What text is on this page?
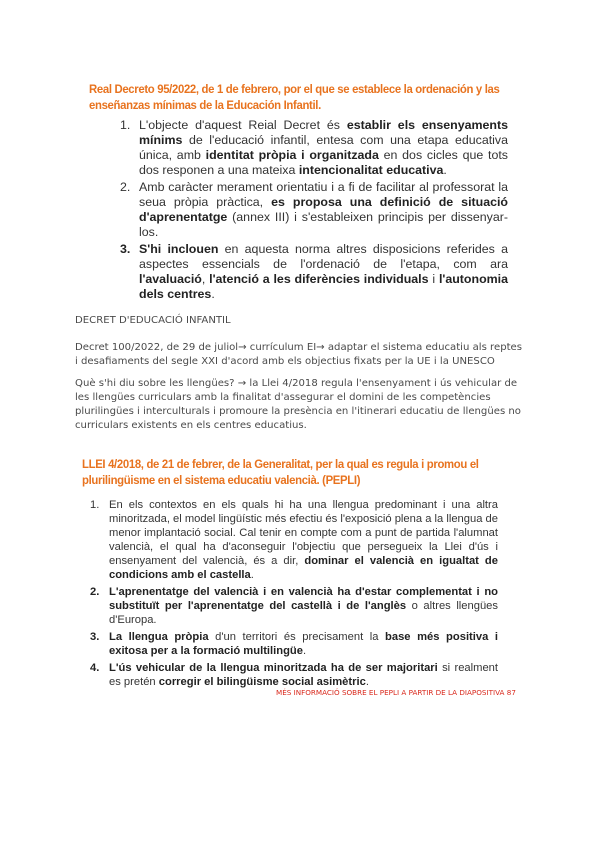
Real Decreto 95/2022, de 1 de febrero, por el que se establece la ordenación y las
enseñanzas mínimas de la Educación Infantil.
1. L'objecte d'aquest Reial Decret és establir els ensenyaments mínims de l'educació infantil, entesa com una etapa educativa única, amb identitat pròpia i organitzada en dos cicles que tots dos responen a una mateixa intencionalitat educativa.
2. Amb caràcter merament orientatiu i a fi de facilitar al professorat la seua pròpia pràctica, es proposa una definició de situació d'aprenentatge (annex III) i s'estableixen principis per dissenyar-los.
3. S'hi inclouen en aquesta norma altres disposicions referides a aspectes essencials de l'ordenació de l'etapa, com ara l'avaluació, l'atenció a les diferències individuals i l'autonomia dels centres.
DECRET D'EDUCACIÓ INFANTIL
Decret 100/2022, de 29 de juliol→ currículum EI→ adaptar el sistema educatiu als reptes i desafiaments del segle XXI d'acord amb els objectius fixats per la UE i la UNESCO
Què s'hi diu sobre les llengües? → la Llei 4/2018 regula l'ensenyament i ús vehicular de les llengües curriculars amb la finalitat d'assegurar el domini de les competències plurilingües i interculturals i promoure la presència en l'itinerari educatiu de llengües no curriculars existents en els centres educatius.
LLEI 4/2018, de 21 de febrer, de la Generalitat, per la qual es regula i promou el
plurilingüisme en el sistema educatiu valencià. (PEPLI)
1. En els contextos en els quals hi ha una llengua predominant i una altra minoritzada, el model lingüístic més efectiu és l'exposició plena a la llengua de menor implantació social. Cal tenir en compte com a punt de partida l'alumnat valencià, el qual ha d'aconseguir l'objectiu que persegueix la Llei d'ús i ensenyament del valencià, és a dir, dominar el valencià en igualtat de condicions amb el castella.
2. L'aprenentatge del valencià i en valencià ha d'estar complementat i no substituït per l'aprenentatge del castellà i de l'anglès o altres llengües d'Europa.
3. La llengua pròpia d'un territori és precisament la base més positiva i exitosa per a la formació multilingüe.
4. L'ús vehicular de la llengua minoritzada ha de ser majoritari si realment es pretén corregir el bilingüisme social asimètric.
MÉS INFORMACIÓ SOBRE EL PEPLI A PARTIR DE LA DIAPOSITIVA 87
